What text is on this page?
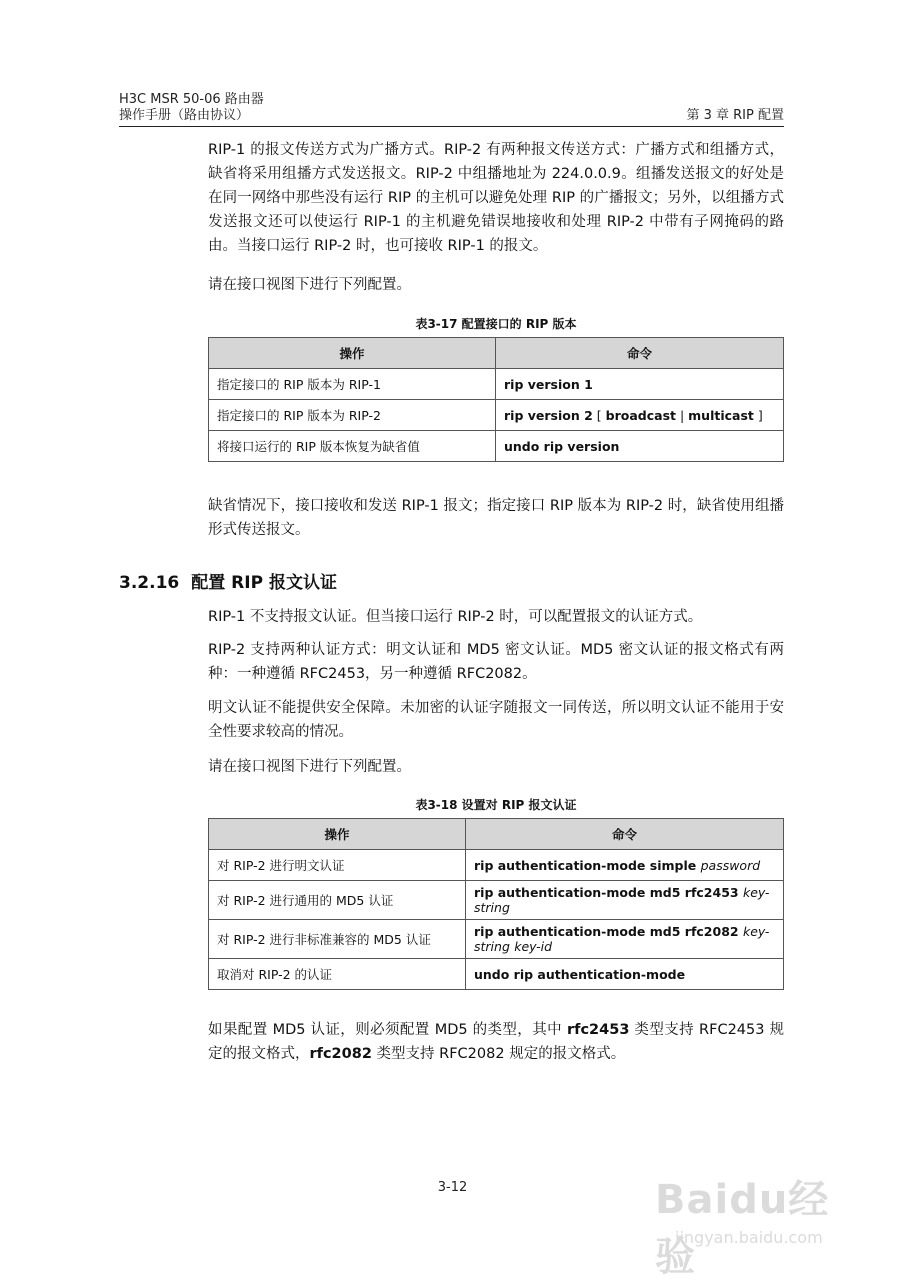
H3C MSR 50-06 路由器
操作手册（路由协议）	第 3 章 RIP 配置

RIP-1 的报文传送方式为广播方式。RIP-2 有两种报文传送方式：广播方式和组播方式，缺省将采用组播方式发送报文。RIP-2 中组播地址为 224.0.0.9。组播发送报文的好处是在同一网络中那些没有运行 RIP 的主机可以避免处理 RIP 的广播报文；另外，以组播方式发送报文还可以使运行 RIP-1 的主机避免错误地接收和处理 RIP-2 中带有子网掩码的路由。当接口运行 RIP-2 时，也可接收 RIP-1 的报文。

请在接口视图下进行下列配置。

表3-17 配置接口的 RIP 版本
操作	命令
指定接口的 RIP 版本为 RIP-1	rip version 1
指定接口的 RIP 版本为 RIP-2	rip version 2 [ broadcast | multicast ]
将接口运行的 RIP 版本恢复为缺省值	undo rip version

缺省情况下，接口接收和发送 RIP-1 报文；指定接口 RIP 版本为 RIP-2 时，缺省使用组播形式传送报文。

3.2.16 配置 RIP 报文认证

RIP-1 不支持报文认证。但当接口运行 RIP-2 时，可以配置报文的认证方式。

RIP-2 支持两种认证方式：明文认证和 MD5 密文认证。MD5 密文认证的报文格式有两种：一种遵循 RFC2453，另一种遵循 RFC2082。

明文认证不能提供安全保障。未加密的认证字随报文一同传送，所以明文认证不能用于安全性要求较高的情况。

请在接口视图下进行下列配置。

表3-18 设置对 RIP 报文认证
操作	命令
对 RIP-2 进行明文认证	rip authentication-mode simple password
对 RIP-2 进行通用的 MD5 认证	rip authentication-mode md5 rfc2453 key-string
对 RIP-2 进行非标准兼容的 MD5 认证	rip authentication-mode md5 rfc2082 key-string key-id
取消对 RIP-2 的认证	undo rip authentication-mode

如果配置 MD5 认证，则必须配置 MD5 的类型，其中 rfc2453 类型支持 RFC2453 规定的报文格式，rfc2082 类型支持 RFC2082 规定的报文格式。

3-12	Baidu经验
jingyan.baidu.com
